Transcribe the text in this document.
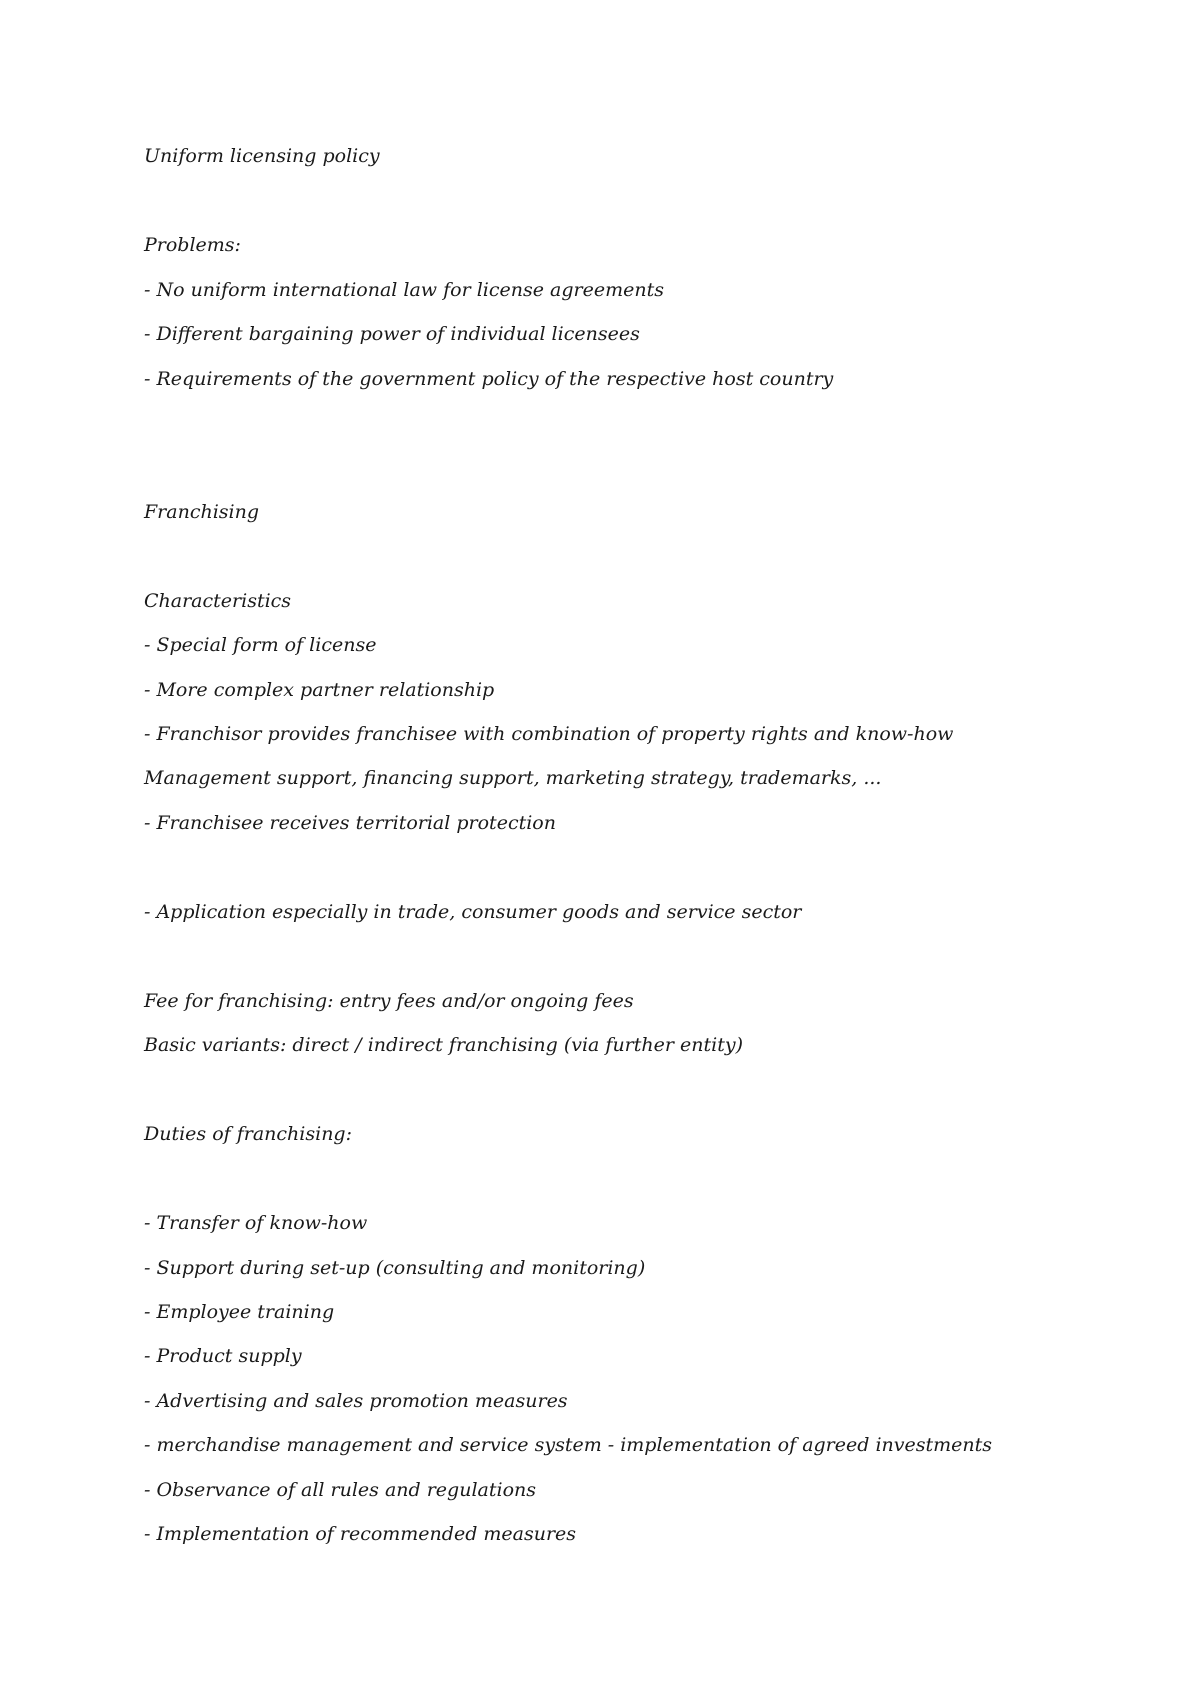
Uniform licensing policy

Problems:

- No uniform international law for license agreements

- Different bargaining power of individual licensees

- Requirements of the government policy of the respective host country

Franchising

Characteristics

- Special form of license

- More complex partner relationship

- Franchisor provides franchisee with combination of property rights and know-how

Management support, financing support, marketing strategy, trademarks, ...

- Franchisee receives territorial protection

- Application especially in trade, consumer goods and service sector

Fee for franchising: entry fees and/or ongoing fees

Basic variants: direct / indirect franchising (via further entity)

Duties of franchising:

- Transfer of know-how

- Support during set-up (consulting and monitoring)

- Employee training

- Product supply

- Advertising and sales promotion measures

- merchandise management and service system - implementation of agreed investments

- Observance of all rules and regulations

- Implementation of recommended measures
